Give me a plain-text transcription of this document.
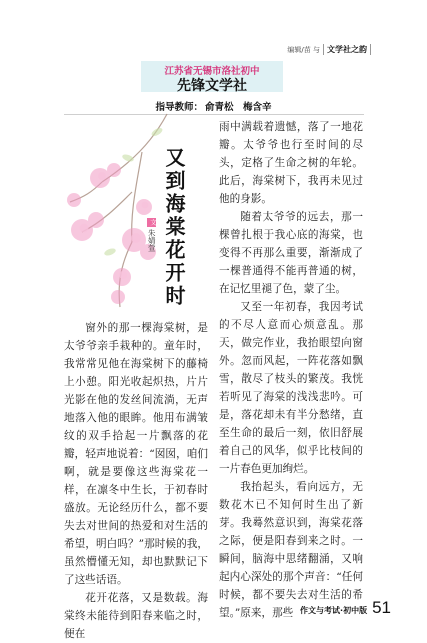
编辑/苗 与 文学社之韵
江苏省无锡市洛社初中
先锋文学社
指导教师： 俞青松　梅含辛
又到海棠花开时
文
朱婧萱

窗外的那一棵海棠树，是太爷爷亲手栽种的。童年时，我常常见他在海棠树下的藤椅上小憩。阳光收起炽热，片片光影在他的发丝间流淌，无声地落入他的眼眸。他用布满皱纹的双手拾起一片飘落的花瓣，轻声地说着：“囡囡，咱们啊，就是要像这些海棠花一样，在凛冬中生长，于初春时盛放。无论经历什么，都不要失去对世间的热爱和对生活的希望，明白吗？”那时候的我，虽然懵懂无知，却也默默记下了这些话语。

花开花落，又是数载。海棠终未能待到阳春来临之时，便在

雨中满载着遗憾，落了一地花瓣。太爷爷也行至时间的尽头，定格了生命之树的年轮。此后，海棠树下，我再未见过他的身影。

随着太爷爷的远去，那一棵曾扎根于我心底的海棠，也变得不再那么重要，渐渐成了一棵普通得不能再普通的树，在记忆里褪了色，蒙了尘。

又至一年初春，我因考试的不尽人意而心烦意乱。那天，做完作业，我抬眼望向窗外。忽而风起，一阵花落如飘雪，散尽了枝头的繁茂。我恍若听见了海棠的浅浅悲吟。可是，落花却未有半分愁绪，直至生命的最后一刻，依旧舒展着自己的风华，似乎比枝间的一片春色更加绚烂。

我抬起头，看向远方，无数花木已不知何时生出了新芽。我蓦然意识到，海棠花落之际，便是阳春到来之时。一瞬间，脑海中思绪翻涌，又响起内心深处的那个声音：“任何时候，都不要失去对生活的希望。”原来，那些 作文与考试·初中版 51
